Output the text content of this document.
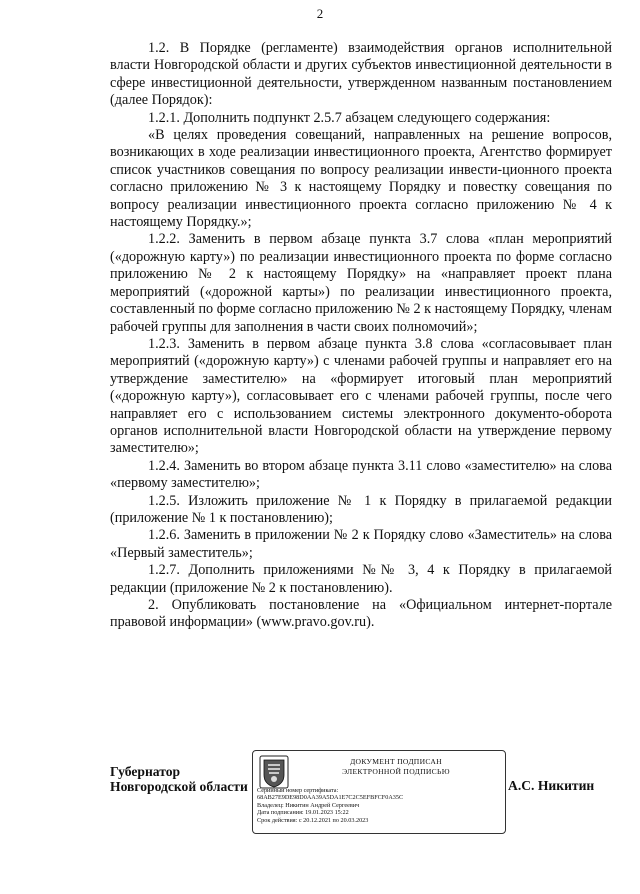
2

1.2. В Порядке (регламенте) взаимодействия органов исполнительной власти Новгородской области и других субъектов инвестиционной деятельности в сфере инвестиционной деятельности, утвержденном названным постановлением (далее Порядок):

1.2.1. Дополнить подпункт 2.5.7 абзацем следующего содержания:

«В целях проведения совещаний, направленных на решение вопросов, возникающих в ходе реализации инвестиционного проекта, Агентство формирует список участников совещания по вопросу реализации инвести-ционного проекта согласно приложению № 3 к настоящему Порядку и повестку совещания по вопросу реализации инвестиционного проекта согласно приложению № 4 к настоящему Порядку.»;

1.2.2. Заменить в первом абзаце пункта 3.7 слова «план мероприятий («дорожную карту») по реализации инвестиционного проекта по форме согласно приложению № 2 к настоящему Порядку» на «направляет проект плана мероприятий («дорожной карты») по реализации инвестиционного проекта, составленный по форме согласно приложению № 2 к настоящему Порядку, членам рабочей группы для заполнения в части своих полномочий»;

1.2.3. Заменить в первом абзаце пункта 3.8 слова «согласовывает план мероприятий («дорожную карту») с членами рабочей группы и направляет его на утверждение заместителю» на «формирует итоговый план мероприятий («дорожную карту»), согласовывает его с членами рабочей группы, после чего направляет его с использованием системы электронного документо-оборота органов исполнительной власти Новгородской области на утверждение первому заместителю»;

1.2.4. Заменить во втором абзаце пункта 3.11 слово «заместителю» на слова «первому заместителю»;

1.2.5. Изложить приложение № 1 к Порядку в прилагаемой редакции (приложение № 1 к постановлению);

1.2.6. Заменить в приложении № 2 к Порядку слово «Заместитель» на слова «Первый заместитель»;

1.2.7. Дополнить приложениями №№ 3, 4 к Порядку в прилагаемой редакции (приложение № 2 к постановлению).

2. Опубликовать постановление на «Официальном интернет-портале правовой информации» (www.pravo.gov.ru).

Губернатор
Новгородской области
ДОКУМЕНТ ПОДПИСАН
ЭЛЕКТРОННОЙ ПОДПИСЬЮ
Серийный номер сертификата:
68AB27E9DE98D0AA39A5DA1E7C2C5EFBFCF0A35C
Владелец: Никитин Андрей Сергеевич
Дата подписания: 19.01.2023 15:22
Срок действия: с 20.12.2021 по 20.03.2023
А.С. Никитин
